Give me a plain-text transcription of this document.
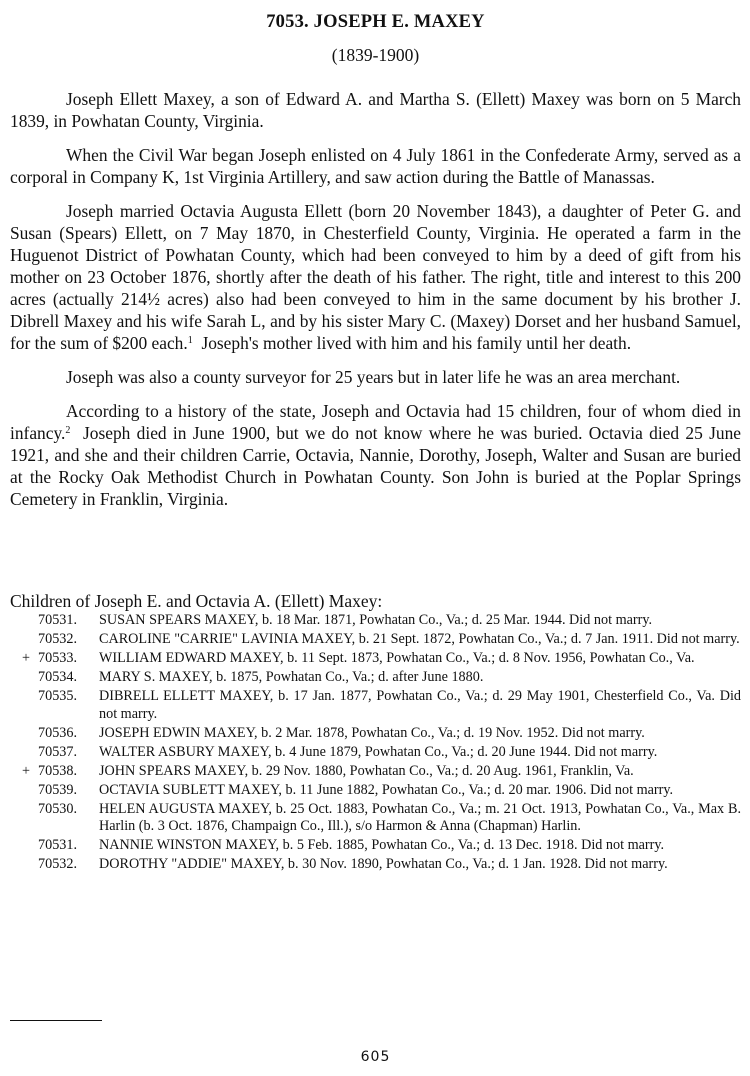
7053. JOSEPH E. MAXEY
(1839-1900)

Joseph Ellett Maxey, a son of Edward A. and Martha S. (Ellett) Maxey was born on 5 March 1839, in Powhatan County, Virginia.

When the Civil War began Joseph enlisted on 4 July 1861 in the Confederate Army, served as a corporal in Company K, 1st Virginia Artillery, and saw action during the Battle of Manassas.

Joseph married Octavia Augusta Ellett (born 20 November 1843), a daughter of Peter G. and Susan (Spears) Ellett, on 7 May 1870, in Chesterfield County, Virginia. He operated a farm in the Huguenot District of Powhatan County, which had been conveyed to him by a deed of gift from his mother on 23 October 1876, shortly after the death of his father. The right, title and interest to this 200 acres (actually 214½ acres) also had been conveyed to him in the same document by his brother J. Dibrell Maxey and his wife Sarah L, and by his sister Mary C. (Maxey) Dorset and her husband Samuel, for the sum of $200 each.$^1$ Joseph's mother lived with him and his family until her death.

Joseph was also a county surveyor for 25 years but in later life he was an area merchant.

According to a history of the state, Joseph and Octavia had 15 children, four of whom died in infancy.$^2$ Joseph died in June 1900, but we do not know where he was buried. Octavia died 25 June 1921, and she and their children Carrie, Octavia, Nannie, Dorothy, Joseph, Walter and Susan are buried at the Rocky Oak Methodist Church in Powhatan County. Son John is buried at the Poplar Springs Cemetery in Franklin, Virginia.

Children of Joseph E. and Octavia A. (Ellett) Maxey:
70531. SUSAN SPEARS MAXEY, b. 18 Mar. 1871, Powhatan Co., Va.; d. 25 Mar. 1944. Did not marry.
70532. CAROLINE "CARRIE" LAVINIA MAXEY, b. 21 Sept. 1872, Powhatan Co., Va.; d. 7 Jan. 1911. Did not marry.
+ 70533. WILLIAM EDWARD MAXEY, b. 11 Sept. 1873, Powhatan Co., Va.; d. 8 Nov. 1956, Powhatan Co., Va.
70534. MARY S. MAXEY, b. 1875, Powhatan Co., Va.; d. after June 1880.
70535. DIBRELL ELLETT MAXEY, b. 17 Jan. 1877, Powhatan Co., Va.; d. 29 May 1901, Chesterfield Co., Va. Did not marry.
70536. JOSEPH EDWIN MAXEY, b. 2 Mar. 1878, Powhatan Co., Va.; d. 19 Nov. 1952. Did not marry.
70537. WALTER ASBURY MAXEY, b. 4 June 1879, Powhatan Co., Va.; d. 20 June 1944. Did not marry.
+ 70538. JOHN SPEARS MAXEY, b. 29 Nov. 1880, Powhatan Co., Va.; d. 20 Aug. 1961, Franklin, Va.
70539. OCTAVIA SUBLETT MAXEY, b. 11 June 1882, Powhatan Co., Va.; d. 20 mar. 1906. Did not marry.
70530. HELEN AUGUSTA MAXEY, b. 25 Oct. 1883, Powhatan Co., Va.; m. 21 Oct. 1913, Powhatan Co., Va., Max B. Harlin (b. 3 Oct. 1876, Champaign Co., Ill.), s/o Harmon & Anna (Chapman) Harlin.
70531. NANNIE WINSTON MAXEY, b. 5 Feb. 1885, Powhatan Co., Va.; d. 13 Dec. 1918. Did not marry.
70532. DOROTHY "ADDIE" MAXEY, b. 30 Nov. 1890, Powhatan Co., Va.; d. 1 Jan. 1928. Did not marry.
605
